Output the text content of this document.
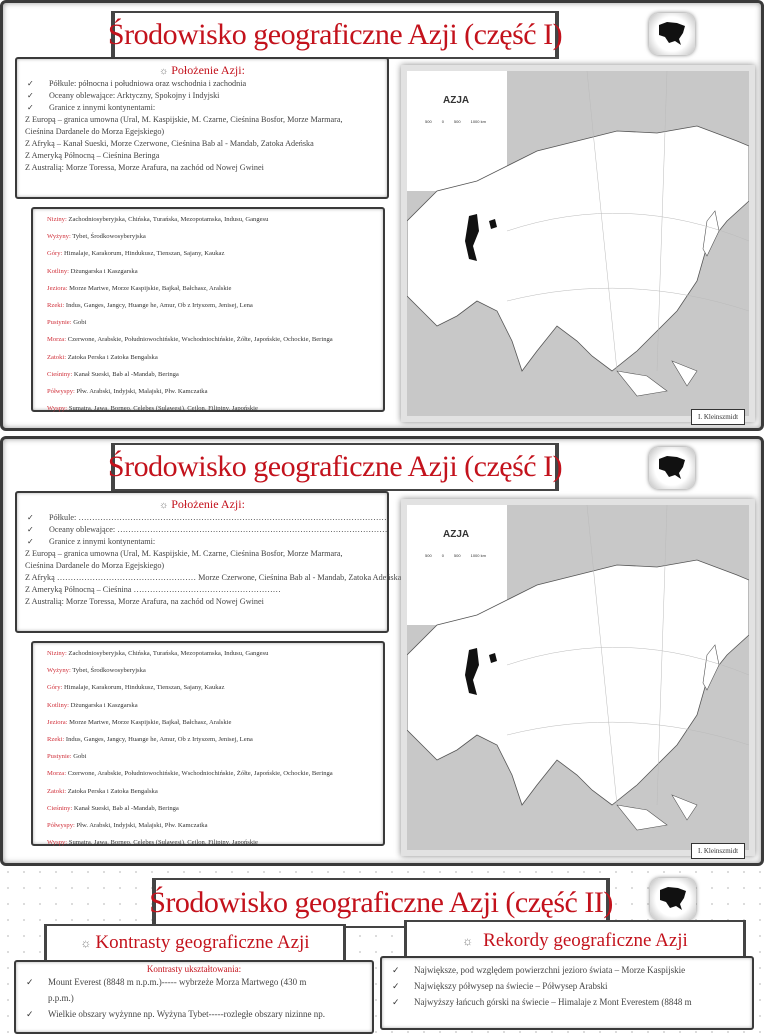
Środowisko geograficzne Azji (część I)
☼ Położenie Azji:
✓ Półkule: północna i południowa oraz wschodnia i zachodnia
✓ Oceany oblewające: Arktyczny, Spokojny i Indyjski
✓ Granice z innymi kontynentami:
Z Europą – granica umowna (Ural, M. Kaspijskie, M. Czarne, Cieśnina Bosfor, Morze Marmara,
Cieśnina Dardanele do Morza Egejskiego)
Z Afryką – Kanał Sueski, Morze Czerwone, Cieśnina Bab al - Mandab, Zatoka Adeńska
Z Ameryką Północną – Cieśnina Beringa
Z Australią: Morze Toressa, Morze Arafura, na zachód od Nowej Gwinei
Niziny: Zachodniosyberyjska, Chińska, Turańska, Mezopotamska, Indusu, Gangesu
Wyżyny: Tybet, Środkowosyberyjska
Góry: Himalaje, Karakorum, Hindukusz, Tienszan, Sajany, Kaukaz
Kotliny: Dżungarska i Kaszgarska
Jeziora: Morze Martwe, Morze Kaspijskie, Bajkał, Bałchasz, Aralskie
Rzeki: Indus, Ganges, Jangcy, Huange he, Amur, Ob z Irtyszem, Jenisej, Lena
Pustynie: Gobi
Morza: Czerwone, Arabskie, Południowochińskie, Wschodniochińskie, Żółte, Japońskie, Ochockie, Beringa
Zatoki: Zatoka Perska i Zatoka Bengalska
Cieśniny: Kanał Sueski, Bab al -Mandab, Beringa
Półwyspy: Płw. Arabski, Indyjski, Malajski, Płw. Kamczatka
Wyspy: Sumatra, Jawa, Borneo, Celebes (Sulawesi), Cejlon, Filipiny, Japońskie
AZJA
500	0	500	1000 km
I. Kleinszmidt
Środowisko geograficzne Azji (część I)
☼ Położenie Azji:
✓ Półkule: ……………………………………………………………………………………………………
✓ Oceany oblewające: ………………………………………………………………………………………
✓ Granice z innymi kontynentami:
Z Europą – granica umowna (Ural, M. Kaspijskie, M. Czarne, Cieśnina Bosfor, Morze Marmara,
Cieśnina Dardanele do Morza Egejskiego)
Z Afryką …………………………………………… Morze Czerwone, Cieśnina Bab al - Mandab, Zatoka Adeńska
Z Ameryką Północną – Cieśnina ………………………………………………
Z Australią: Morze Toressa, Morze Arafura, na zachód od Nowej Gwinei
Niziny: Zachodniosyberyjska, Chińska, Turańska, Mezopotamska, Indusu, Gangesu
Wyżyny: Tybet, Środkowosyberyjska
Góry: Himalaje, Karakorum, Hindukusz, Tienszan, Sajany, Kaukaz
Kotliny: Dżungarska i Kaszgarska
Jeziora: Morze Martwe, Morze Kaspijskie, Bajkał, Bałchasz, Aralskie
Rzeki: Indus, Ganges, Jangcy, Huange he, Amur, Ob z Irtyszem, Jenisej, Lena
Pustynie: Gobi
Morza: Czerwone, Arabskie, Południowochińskie, Wschodniochińskie, Żółte, Japońskie, Ochockie, Beringa
Zatoki: Zatoka Perska i Zatoka Bengalska
Cieśniny: Kanał Sueski, Bab al -Mandab, Beringa
Półwyspy: Płw. Arabski, Indyjski, Malajski, Płw. Kamczatka
Wyspy: Sumatra, Jawa, Borneo, Celebes (Sulawesi), Cejlon, Filipiny, Japońskie
AZJA
500	0	500	1000 km
I. Kleinszmidt
Środowisko geograficzne Azji (część II)
☼ Kontrasty geograficzne Azji	☼ Rekordy geograficzne Azji
Kontrasty ukształtowania:
✓ Mount Everest (8848 m n.p.m.)----- wybrzeże Morza Martwego (430 m
p.p.m.)
✓ Wielkie obszary wyżynne np. Wyżyna Tybet-----rozległe obszary nizinne np.
✓ Największe, pod względem powierzchni jezioro świata – Morze Kaspijskie
✓ Największy półwysep na świecie – Półwysep Arabski
✓ Najwyższy łańcuch górski na świecie – Himalaje z Mont Everestem (8848 m
